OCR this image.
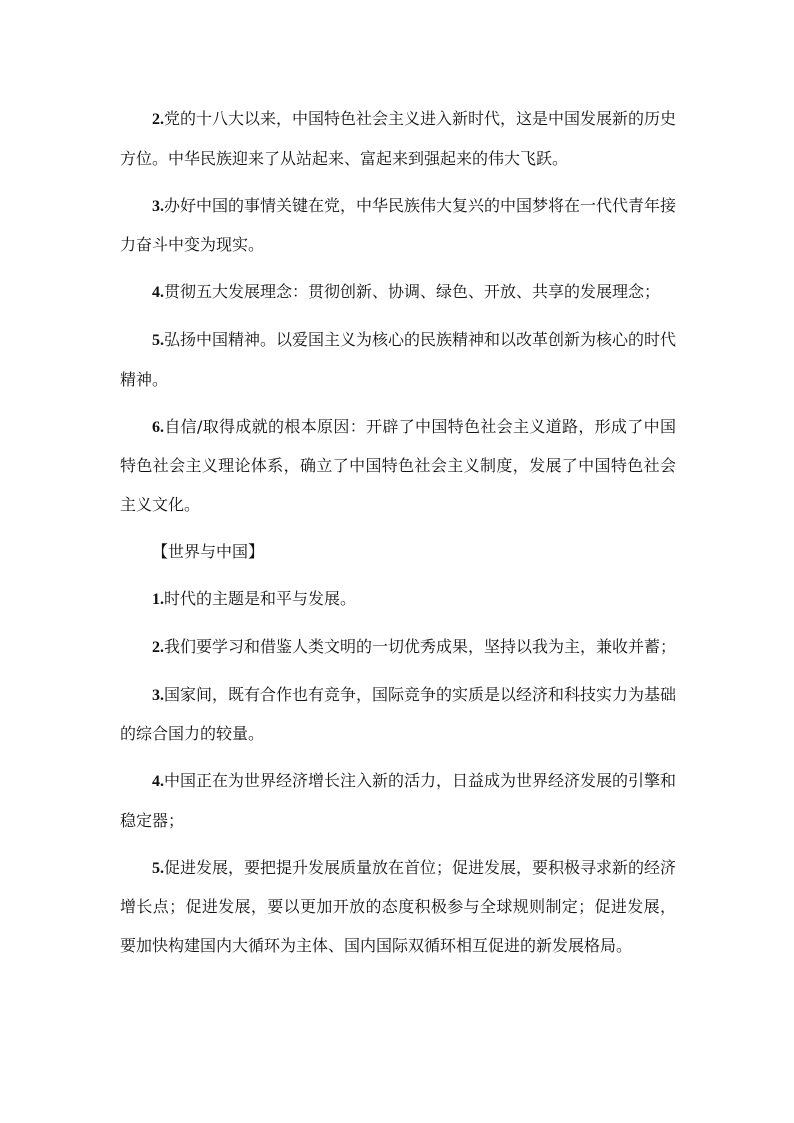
2.党的十八大以来，中国特色社会主义进入新时代，这是中国发展新的历史方位。中华民族迎来了从站起来、富起来到强起来的伟大飞跃。

3.办好中国的事情关键在党，中华民族伟大复兴的中国梦将在一代代青年接力奋斗中变为现实。

4.贯彻五大发展理念：贯彻创新、协调、绿色、开放、共享的发展理念；

5.弘扬中国精神。以爱国主义为核心的民族精神和以改革创新为核心的时代精神。

6.自信/取得成就的根本原因：开辟了中国特色社会主义道路，形成了中国特色社会主义理论体系，确立了中国特色社会主义制度，发展了中国特色社会主义文化。

【世界与中国】

1.时代的主题是和平与发展。

2.我们要学习和借鉴人类文明的一切优秀成果，坚持以我为主，兼收并蓄；

3.国家间，既有合作也有竞争，国际竞争的实质是以经济和科技实力为基础的综合国力的较量。

4.中国正在为世界经济增长注入新的活力，日益成为世界经济发展的引擎和稳定器；

5.促进发展，要把提升发展质量放在首位；促进发展，要积极寻求新的经济增长点；促进发展，要以更加开放的态度积极参与全球规则制定；促进发展，要加快构建国内大循环为主体、国内国际双循环相互促进的新发展格局。
